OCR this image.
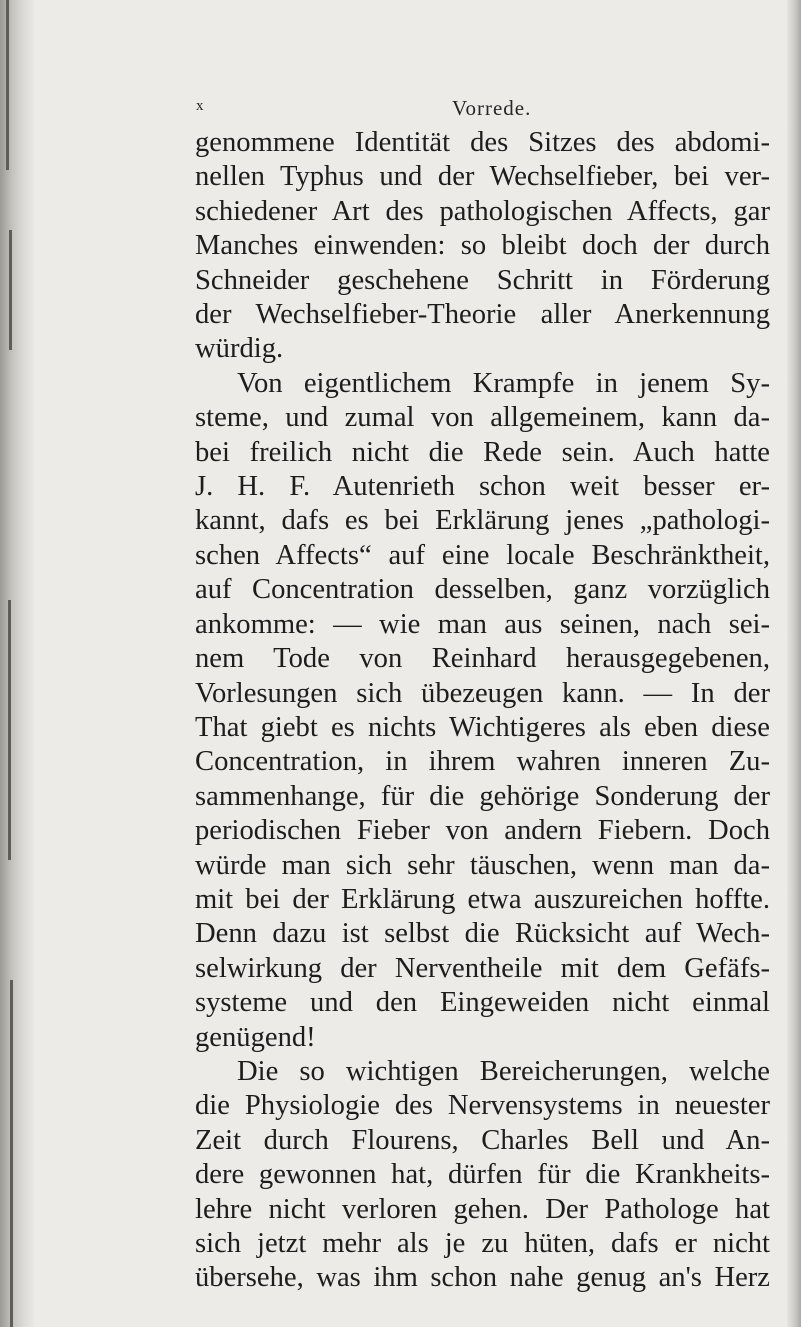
x	Vorrede.
genommene Identität des Sitzes des abdomi-
nellen Typhus und der Wechselfieber, bei ver-
schiedener Art des pathologischen Affects, gar
Manches einwenden: so bleibt doch der durch
Schneider geschehene Schritt in Förderung
der Wechselfieber-Theorie aller Anerkennung
würdig.
Von eigentlichem Krampfe in jenem Sy-
steme, und zumal von allgemeinem, kann da-
bei freilich nicht die Rede sein. Auch hatte
J. H. F. Autenrieth schon weit besser er-
kannt, dafs es bei Erklärung jenes „pathologi-
schen Affects“ auf eine locale Beschränktheit,
auf Concentration desselben, ganz vorzüglich
ankomme: — wie man aus seinen, nach sei-
nem Tode von Reinhard herausgegebenen,
Vorlesungen sich übezeugen kann. — In der
That giebt es nichts Wichtigeres als eben diese
Concentration, in ihrem wahren inneren Zu-
sammenhange, für die gehörige Sonderung der
periodischen Fieber von andern Fiebern. Doch
würde man sich sehr täuschen, wenn man da-
mit bei der Erklärung etwa auszureichen hoffte.
Denn dazu ist selbst die Rücksicht auf Wech-
selwirkung der Nerventheile mit dem Gefäfs-
systeme und den Eingeweiden nicht einmal
genügend!
Die so wichtigen Bereicherungen, welche
die Physiologie des Nervensystems in neuester
Zeit durch Flourens, Charles Bell und An-
dere gewonnen hat, dürfen für die Krankheits-
lehre nicht verloren gehen. Der Pathologe hat
sich jetzt mehr als je zu hüten, dafs er nicht
übersehe, was ihm schon nahe genug an's Herz
